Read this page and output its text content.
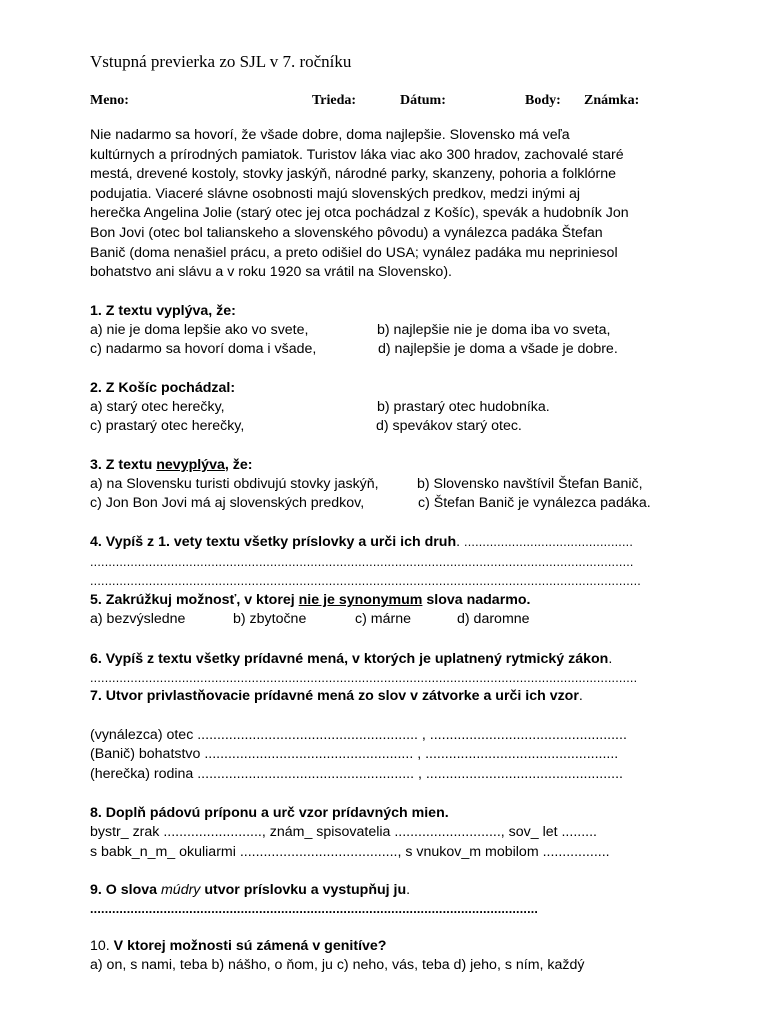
Vstupná previerka zo SJL v 7. ročníku
Meno:	Trieda:	Dátum:	Body: Známka:
Nie nadarmo sa hovorí, že všade dobre, doma najlepšie. Slovensko má veľa
kultúrnych a prírodných pamiatok. Turistov láka viac ako 300 hradov, zachovalé staré
mestá, drevené kostoly, stovky jaskýň, národné parky, skanzeny, pohoria a folklórne
podujatia. Viaceré slávne osobnosti majú slovenských predkov, medzi inými aj
herečka Angelina Jolie (starý otec jej otca pochádzal z Košíc), spevák a hudobník Jon
Bon Jovi (otec bol talianskeho a slovenského pôvodu) a vynálezca padáka Štefan
Banič (doma nenašiel prácu, a preto odišiel do USA; vynález padáka mu nepriniesol
bohatstvo ani slávu a v roku 1920 sa vrátil na Slovensko).
1. Z textu vyplýva, že:
a) nie je doma lepšie ako vo svete,	b) najlepšie nie je doma iba vo sveta,
c) nadarmo sa hovorí doma i všade,	d) najlepšie je doma a všade je dobre.
2. Z Košíc pochádzal:
a) starý otec herečky,	b) prastarý otec hudobníka.
c) prastarý otec herečky,	d) spevákov starý otec.
3. Z textu nevyplýva, že:
a) na Slovensku turisti obdivujú stovky jaskýň,	b) Slovensko navštívil Štefan Banič,
c) Jon Bon Jovi má aj slovenských predkov,	c) Štefan Banič je vynálezca padáka.
4. Vypíš z 1. vety textu všetky príslovky a urči ich druh. ..............................................
....................................................................................................................................................
......................................................................................................................................................
5. Zakrúžkuj možnosť, v ktorej nie je synonymum slova nadarmo.
a) bezvýsledne	b) zbytočne	c) márne	d) daromne
6. Vypíš z textu všetky prídavné mená, v ktorých je uplatnený rytmický zákon.
.....................................................................................................................................................
7. Utvor privlastňovacie prídavné mená zo slov v zátvorke a urči ich vzor.
(vynálezca) otec ........................................................ , ..................................................
(Banič) bohatstvo ..................................................... , .................................................
(herečka) rodina ....................................................... , ..................................................
8. Doplň pádovú príponu a urč vzor prídavných mien.
bystr_ zrak ........................., znám_ spisovatelia ..........................., sov_ let .........
s babk_n_m_ okuliarmi ........................................, s vnukov_m mobilom .................
9. O slova múdry utvor príslovku a vystupňuj ju.
..........................................................................................................................
10. V ktorej možnosti sú zámená v genitíve?
a) on, s nami, teba b) nášho, o ňom, ju c) neho, vás, teba d) jeho, s ním, každý
